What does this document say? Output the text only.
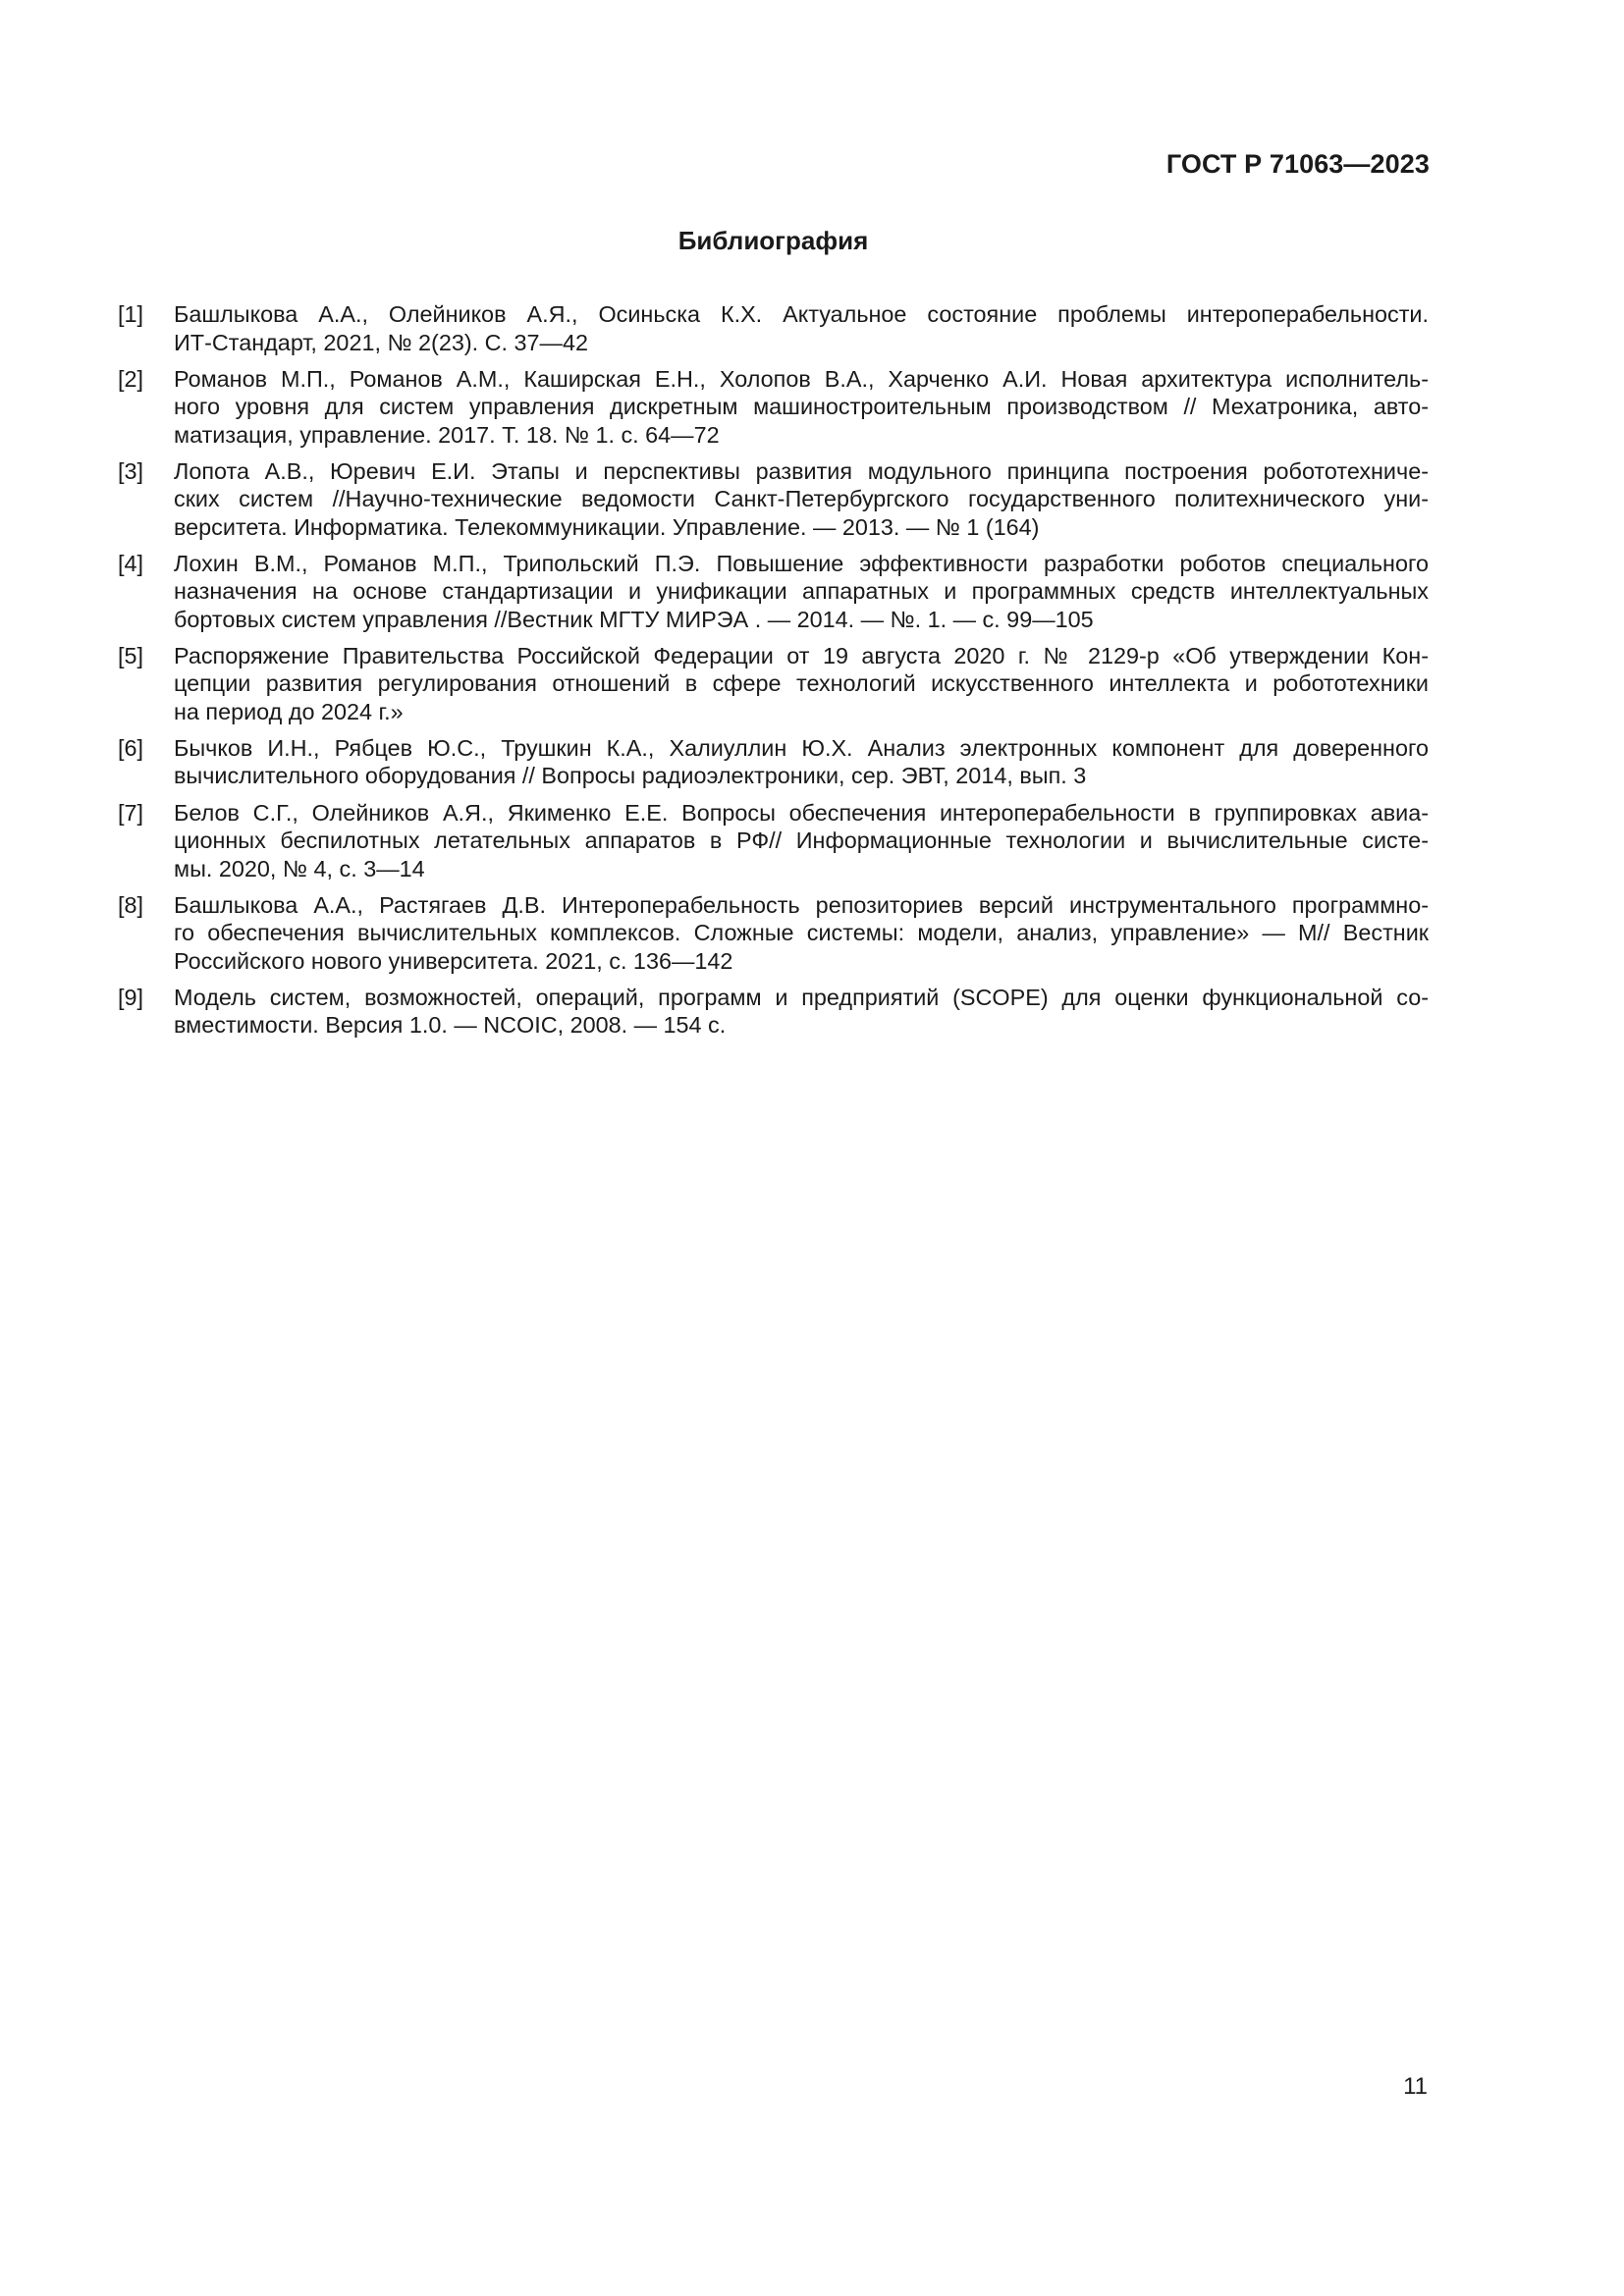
ГОСТ Р 71063—2023
Библиография
[1] Башлыкова А.А., Олейников А.Я., Осиньска К.Х. Актуальное состояние проблемы интероперабельности.
ИТ-Стандарт, 2021, № 2(23). С. 37—42
[2] Романов М.П., Романов А.М., Каширская Е.Н., Холопов В.А., Харченко А.И. Новая архитектура исполнитель-
ного уровня для систем управления дискретным машиностроительным производством // Мехатроника, авто-
матизация, управление. 2017. Т. 18. № 1. с. 64—72
[3] Лопота А.В., Юревич Е.И. Этапы и перспективы развития модульного принципа построения робототехниче-
ских систем //Научно-технические ведомости Санкт-Петербургского государственного политехнического уни-
верситета. Информатика. Телекоммуникации. Управление. — 2013. — № 1 (164)
[4] Лохин В.М., Романов М.П., Трипольский П.Э. Повышение эффективности разработки роботов специального
назначения на основе стандартизации и унификации аппаратных и программных средств интеллектуальных
бортовых систем управления //Вестник МГТУ МИРЭА . — 2014. — №. 1. — с. 99—105
[5] Распоряжение Правительства Российской Федерации от 19 августа 2020 г. № 2129-р «Об утверждении Кон-
цепции развития регулирования отношений в сфере технологий искусственного интеллекта и робототехники
на период до 2024 г.»
[6] Бычков И.Н., Рябцев Ю.С., Трушкин К.А., Халиуллин Ю.Х. Анализ электронных компонент для доверенного
вычислительного оборудования // Вопросы радиоэлектроники, сер. ЭВТ, 2014, вып. 3
[7] Белов С.Г., Олейников А.Я., Якименко Е.Е. Вопросы обеспечения интероперабельности в группировках авиа-
ционных беспилотных летательных аппаратов в РФ// Информационные технологии и вычислительные систе-
мы. 2020, № 4, с. 3—14
[8] Башлыкова А.А., Растягаев Д.В. Интероперабельность репозиториев версий инструментального программно-
го обеспечения вычислительных комплексов. Сложные системы: модели, анализ, управление» — М// Вестник
Российского нового университета. 2021, с. 136—142
[9] Модель систем, возможностей, операций, программ и предприятий (SCOPE) для оценки функциональной со-
вместимости. Версия 1.0. — NCOIC, 2008. — 154 с.
11
